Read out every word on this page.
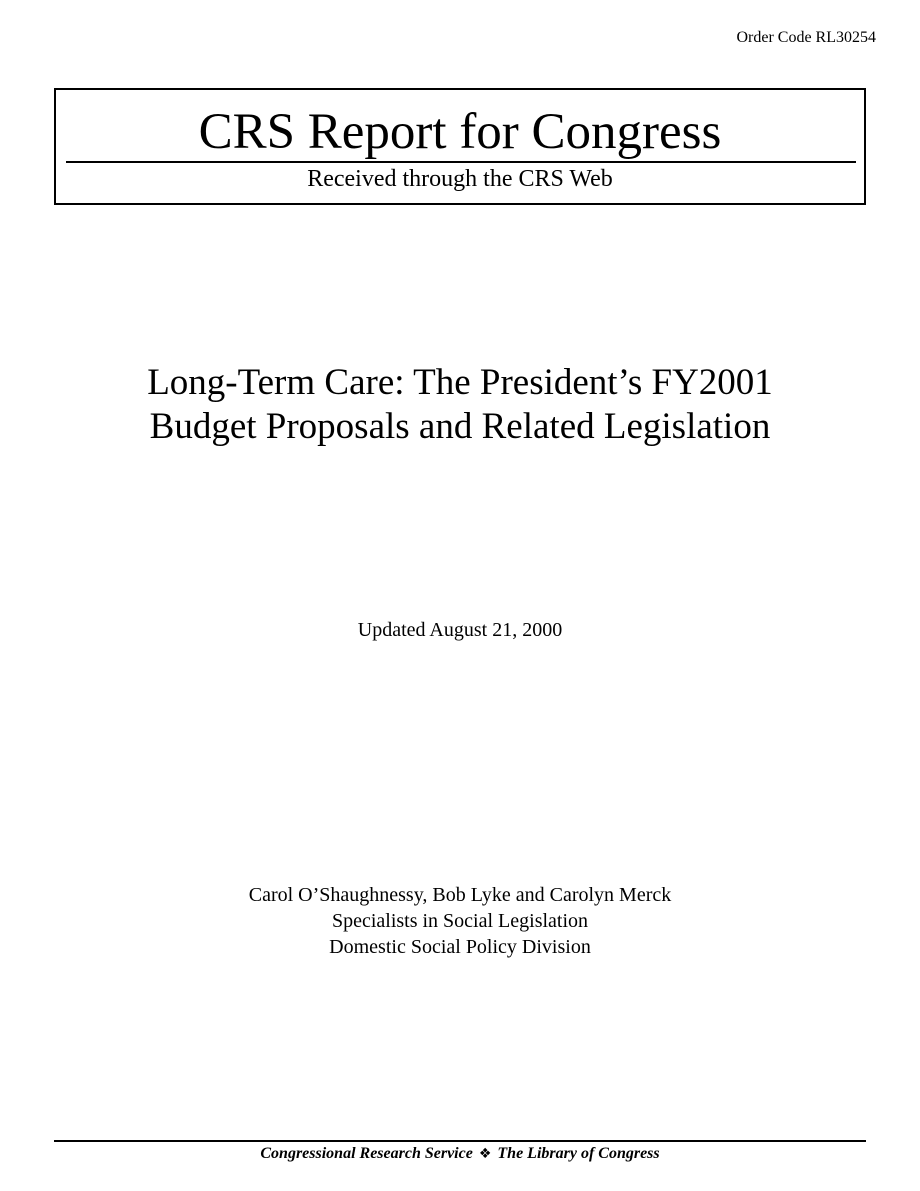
Order Code RL30254
CRS Report for Congress
Received through the CRS Web
Long-Term Care: The President’s FY2001
Budget Proposals and Related Legislation
Updated August 21, 2000
Carol O’Shaughnessy, Bob Lyke and Carolyn Merck
Specialists in Social Legislation
Domestic Social Policy Division
Congressional Research Service ❖ The Library of Congress
